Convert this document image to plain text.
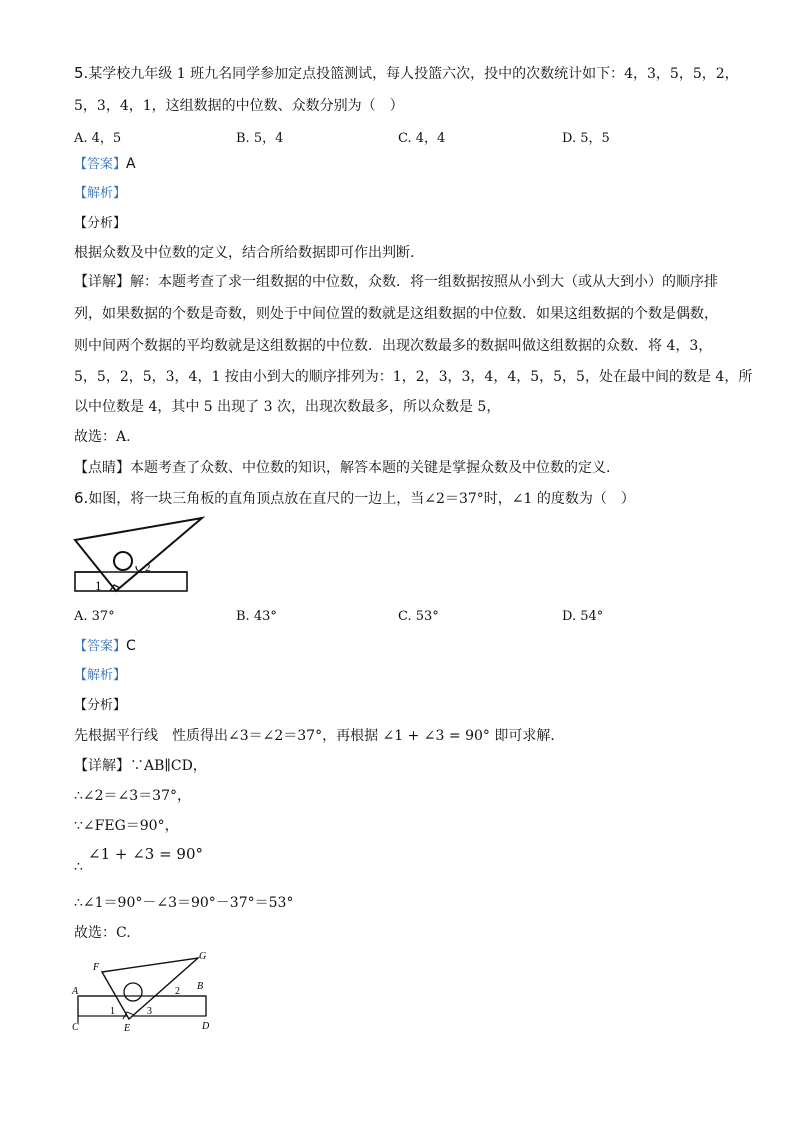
5.某学校九年级 1 班九名同学参加定点投篮测试，每人投篮六次，投中的次数统计如下：4，3，5，5，2，
5，3，4，1，这组数据的中位数、众数分别为（　）
A. 4，5	B. 5，4	C. 4，4	D. 5，5
【答案】A
【解析】
【分析】
根据众数及中位数的定义，结合所给数据即可作出判断.
【详解】解：本题考查了求一组数据的中位数，众数．将一组数据按照从小到大（或从大到小）的顺序排
列，如果数据的个数是奇数，则处于中间位置的数就是这组数据的中位数．如果这组数据的个数是偶数，
则中间两个数据的平均数就是这组数据的中位数．出现次数最多的数据叫做这组数据的众数．将 4，3，
5，5，2，5，3，4，1 按由小到大的顺序排列为：1，2，3，3，4，4，5，5，5，处在最中间的数是 4，所
以中位数是 4，其中 5 出现了 3 次，出现次数最多，所以众数是 5，
故选：A.
【点睛】本题考查了众数、中位数的知识，解答本题的关键是掌握众数及中位数的定义.
6.如图，将一块三角板的直角顶点放在直尺的一边上，当∠2＝37°时，∠1 的度数为（　）
1
2
A. 37°	B. 43°	C. 53°	D. 54°
【答案】C
【解析】
【分析】
先根据平行线　性质得出∠3＝∠2＝37°，再根据 ∠1 + ∠3 = 90° 即可求解.
【详解】∵AB∥CD，
∴∠2＝∠3＝37°，
∵∠FEG＝90°，
∠1 + ∠3 = 90°
∴
∴∠1＝90°－∠3＝90°－37°＝53°
故选：C.
F
G
A	B
C	D
E
1
2
3
